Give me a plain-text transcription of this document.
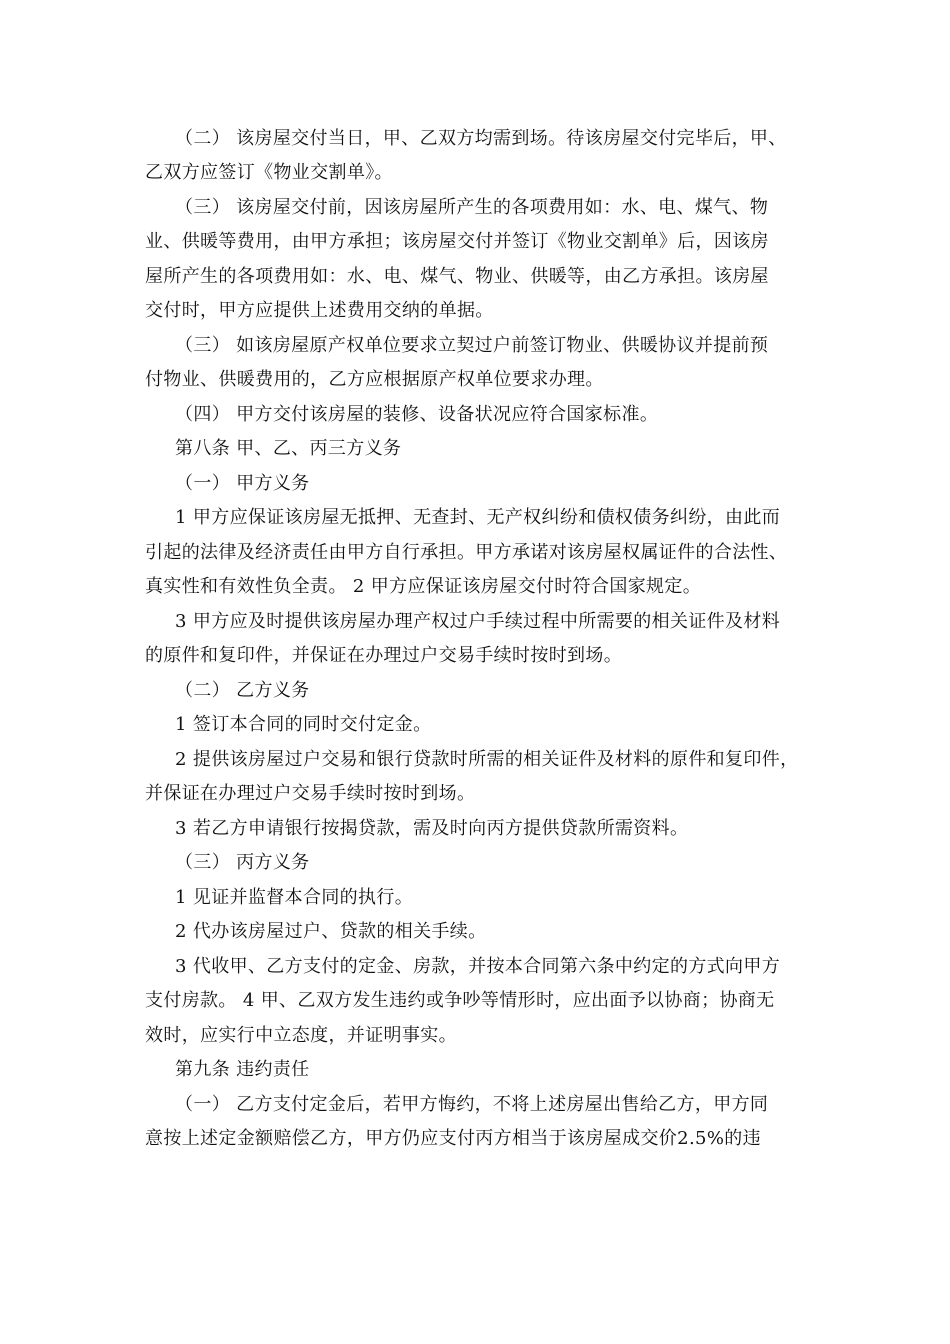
（二） 该房屋交付当日，甲、乙双方均需到场。待该房屋交付完毕后，甲、
乙双方应签订《物业交割单》。
（三） 该房屋交付前，因该房屋所产生的各项费用如：水、电、煤气、物
业、供暖等费用，由甲方承担；该房屋交付并签订《物业交割单》后，因该房
屋所产生的各项费用如：水、电、煤气、物业、供暖等，由乙方承担。该房屋
交付时，甲方应提供上述费用交纳的单据。
（三） 如该房屋原产权单位要求立契过户前签订物业、供暖协议并提前预
付物业、供暖费用的，乙方应根据原产权单位要求办理。
（四） 甲方交付该房屋的装修、设备状况应符合国家标准。
第八条 甲、乙、丙三方义务
（一） 甲方义务
1 甲方应保证该房屋无抵押、无查封、无产权纠纷和债权债务纠纷，由此而
引起的法律及经济责任由甲方自行承担。甲方承诺对该房屋权属证件的合法性、
真实性和有效性负全责。 2 甲方应保证该房屋交付时符合国家规定。
3 甲方应及时提供该房屋办理产权过户手续过程中所需要的相关证件及材料
的原件和复印件，并保证在办理过户交易手续时按时到场。
（二） 乙方义务
1 签订本合同的同时交付定金。
2 提供该房屋过户交易和银行贷款时所需的相关证件及材料的原件和复印件，
并保证在办理过户交易手续时按时到场。
3 若乙方申请银行按揭贷款，需及时向丙方提供贷款所需资料。
（三） 丙方义务
1 见证并监督本合同的执行。
2 代办该房屋过户、贷款的相关手续。
3 代收甲、乙方支付的定金、房款，并按本合同第六条中约定的方式向甲方
支付房款。 4 甲、乙双方发生违约或争吵等情形时，应出面予以协商；协商无
效时，应实行中立态度，并证明事实。
第九条 违约责任
（一） 乙方支付定金后，若甲方悔约，不将上述房屋出售给乙方，甲方同
意按上述定金额赔偿乙方，甲方仍应支付丙方相当于该房屋成交价2.5%的违
